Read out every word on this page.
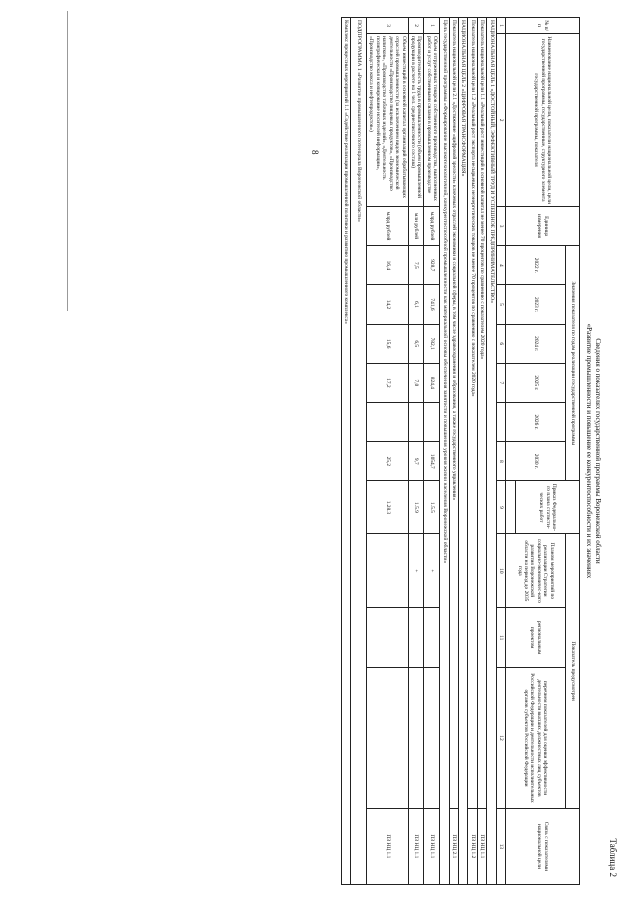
8
Таблица 2
Сведения о показателях государственной программы Воронежской области
«Развитие промышленности и повышение ее конкурентоспособности и их значениях
№ п/п	Наименование национальной цели, показатели национальной цели, цели государственной программы, государственные, структурного элемента государственной программы, показателя	Единица измерения	Значения показателя по годам реализации государственной программы						Приказ Федерально-го плана статисти-ческих работ	Показатель предусмотрен			Связь с показателями национальной цели
			2022 г.	2023 г.	2024 г.	2025 г.	2026 г.	2030 г.		Планом мероприятий по реализации Стратегии социально-экономичес-кого развития Воронежской области на период до 2035 года	региональным проектом	перечнем показателей для оценки эффективности деятельности высших должностных лиц субъектов Российской Федерации и деятельности исполнительных органов субъектов Российской Федерации	

1	2	3	4	5	6	7		8	9	10	11	12	13
НАЦИОНАЛЬНАЯ ЦЕЛЬ 1 «ДОСТОЙНЫЙ, ЭФФЕКТИВНЫЙ ТРУД И УСПЕШНОЕ ПРЕДПРИНИМАТЕЛЬСТВО»													
Показатель национальной цели 1.1 «Реальный рост инвестиций в основной капитал не менее 70 процентов по сравнению с показателем 2020 года»													ПЗ НЦ 1.1
Показатель национальной цели 1.2 «Реальный рост экспорта несырьевых неэнергетических товаров не менее 70 процентов по сравнению с показателем 2020 года»													ПЗ НЦ 1.2
НАЦИОНАЛЬНАЯ ЦЕЛЬ 2 «ЦИФРОВАЯ ТРАНСФОРМАЦИЯ»													
Показатель национальной цели 2.1 «Достижение «цифровой зрелости» ключевых отраслей экономики и социальной сферы, в том числе здравоохранения и образования, а также государственного управления»													ПЗ НЦ 2.1
Цель государственной программы «Формирование высокотехнологичной, конкурентоспособной промышленности как материальной основы обеспечения занятости и повышения уровня жизни населения Воронежской области»													
1	Объем отгруженных товаров собственного производства, выполненных работ и услуг собственными силами в промышленном производстве	млрд рублей	928,7	741,6	782,1	824,4		1054,7	1.5.5	+			ПЗ НЦ 1.1
2	Производительность труда в промышленности (объем промышленной продукции в расчете на 1 чел. среднесписочного состава)	млн рублей	7,5	6,1	6,5	7,0		9,7	1.5.9	+			ПЗ НЦ 1.1
3	Объем инвестиций в основной капитал организаций обрабатывающих отраслей промышленности (за исключением видов экономической деятельности «Производство пищевых продуктов», «Производство напитков», «Производство табачных изделий», «Деятельность полиграфическая и копирование носителей информации», «Производство кокса и нефтепродуктов»)	млрд рублей	16,4	14,2	15,6	17,2		25,2	1.28.3				ПЗ НЦ 1.1
ПОДПРОГРАММА 1 «Развитие промышленного потенциала Воронежской области»													
Комплекс процессных мероприятий 1.1 «Содействие реализации промышленной политики и развитию промышленного комплекса»													
